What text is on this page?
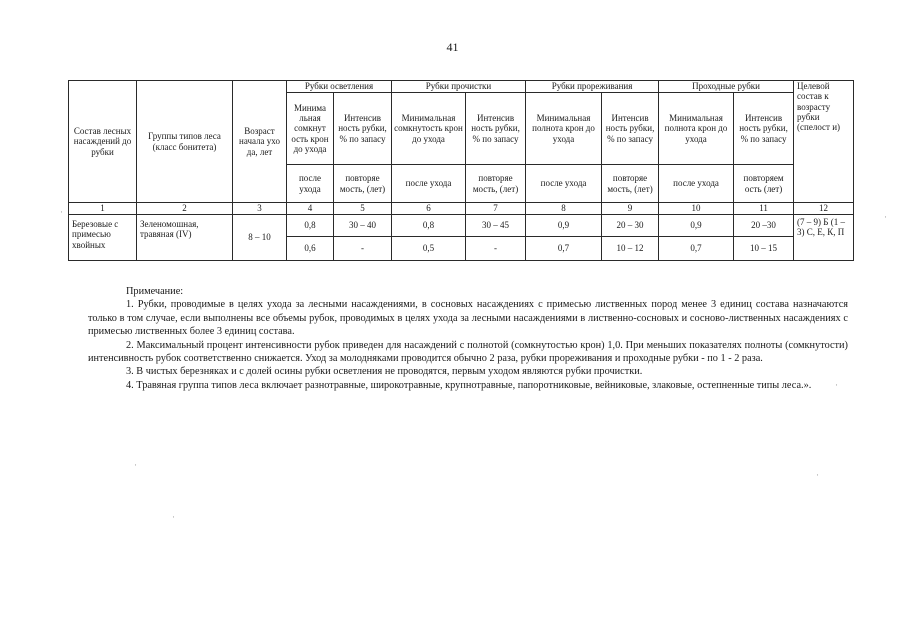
41
Состав лесных насаждений до рубки	Группы типов леса (класс бонитета)	Возраст начала ухо да, лет	Рубки осветления		Рубки прочистки		Рубки прореживания		Проходные рубки		Целевой состав к возрасту рубки (спелост и)
			Минима льная сомкнут ость крон до ухода	Интенсив ность рубки, % по запасу	Минимальная сомкнутость крон до ухода	Интенсив ность рубки, % по запасу	Минимальная полнота крон до ухода	Интенсив ность рубки, % по запасу	Минимальная полнота крон до ухода	Интенсив ность рубки, % по запасу	
			после ухода	повторяе мость, (лет)	после ухода	повторяе мость, (лет)	после ухода	повторяе мость, (лет)	после ухода	повторяем ость (лет)	
1	2	3	4	5	6	7	8	9	10	11	12
Березовые с примесью хвойных	Зеленомошная, травяная (IV)	8 – 10	0,8	30 – 40	0,8	30 – 45	0,9	20 – 30	0,9	20 –30	(7 – 9) Б (1 – 3) С, Е, К, П
			0,6	-	0,5	-	0,7	10 – 12	0,7	10 – 15	

Примечание:

1. Рубки, проводимые в целях ухода за лесными насаждениями, в сосновых насаждениях с примесью лиственных пород менее 3 единиц состава назначаются только в том случае, если выполнены все объемы рубок, проводимых в целях ухода за лесными насаждениями в лиственно-сосновых и сосново-лиственных насаждениях с примесью лиственных более 3 единиц состава.

2. Максимальный процент интенсивности рубок приведен для насаждений с полнотой (сомкнутостью крон) 1,0. При меньших показателях полноты (сомкнутости) интенсивность рубок соответственно снижается. Уход за молодняками проводится обычно 2 раза, рубки прореживания и проходные рубки - по 1 - 2 раза.

3. В чистых березняках и с долей осины рубки осветления не проводятся, первым уходом являются рубки прочистки.

4. Травяная группа типов леса включает разнотравные, широкотравные, крупнотравные, папоротниковые, вейниковые, злаковые, остепненные типы леса.».

·
·
·
·
·
·
